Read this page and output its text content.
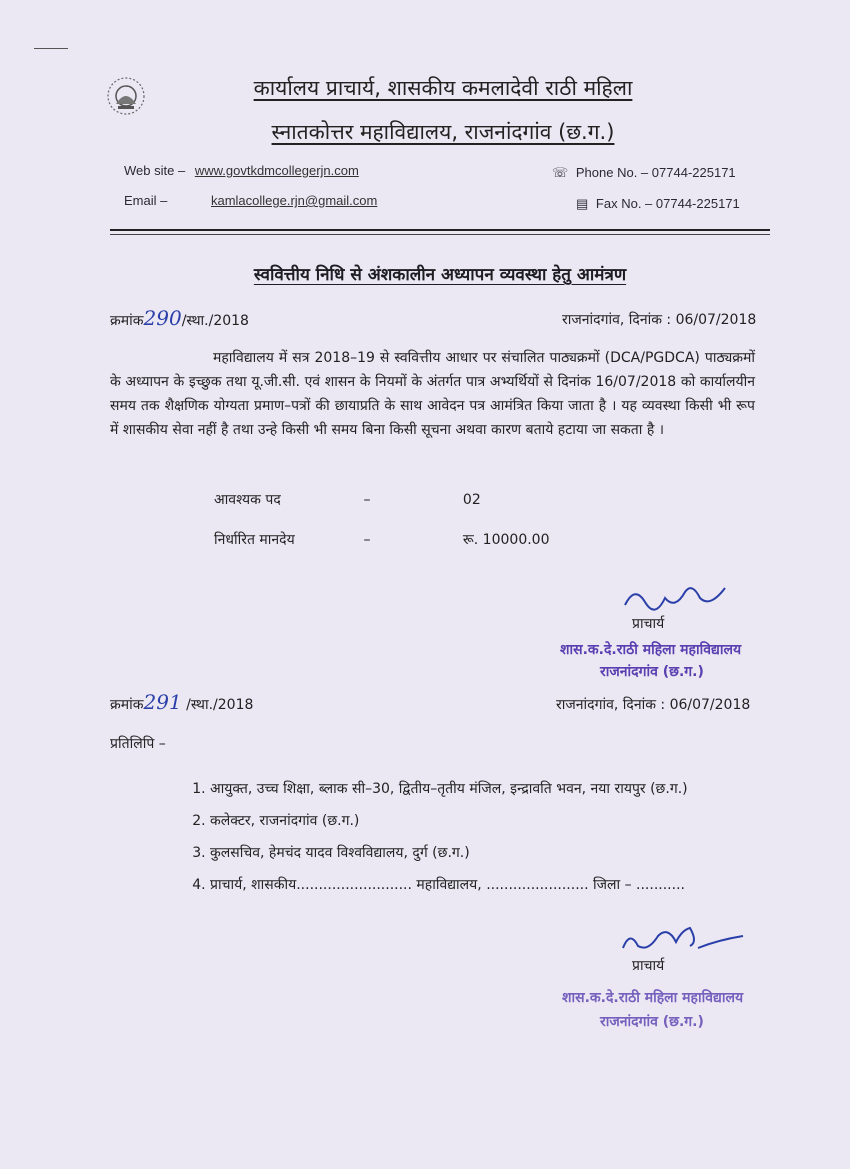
कार्यालय प्राचार्य, शासकीय कमलादेवी राठी महिला
स्नातकोत्तर महाविद्यालय, राजनांदगांव (छ.ग.)
Web site – www.govtkdmcollegerjn.com
Email –	kamlacollege.rjn@gmail.com
☏ Phone No. – 07744-225171
▤ Fax No. – 07744-225171
स्ववित्तीय निधि से अंशकालीन अध्यापन व्यवस्था हेतु आमंत्रण
क्रमांक290/स्था./2018	राजनांदगांव, दिनांक : 06/07/2018
महाविद्यालय में सत्र 2018–19 से स्ववित्तीय आधार पर संचालित पाठ्यक्रमों (DCA/PGDCA) पाठ्यक्रमों के अध्यापन के इच्छुक तथा यू.जी.सी. एवं शासन के नियमों के अंतर्गत पात्र अभ्यर्थियों से दिनांक 16/07/2018 को कार्यालयीन समय तक शैक्षणिक योग्यता प्रमाण–पत्रों की छायाप्रति के साथ आवेदन पत्र आमंत्रित किया जाता है । यह व्यवस्था किसी भी रूप में शासकीय सेवा नहीं है तथा उन्हे किसी भी समय बिना किसी सूचना अथवा कारण बताये हटाया जा सकता है ।
आवश्यक पद	–	02
निर्धारित मानदेय	–	रू. 10000.00
प्राचार्य
शास.क.दे.राठी महिला महाविद्यालय
राजनांदगांव (छ.ग.)
क्रमांक291 /स्था./2018	राजनांदगांव, दिनांक : 06/07/2018
प्रतिलिपि –
1. आयुक्त, उच्च शिक्षा, ब्लाक सी–30, द्वितीय–तृतीय मंजिल, इन्द्रावति भवन, नया रायपुर (छ.ग.)
2. कलेक्टर, राजनांदगांव (छ.ग.)
3. कुलसचिव, हेमचंद यादव विश्वविद्यालय, दुर्ग (छ.ग.)
4. प्राचार्य, शासकीय.......................... महाविद्यालय, ....................... जिला – ...........
प्राचार्य
शास.क.दे.राठी महिला महाविद्यालय
राजनांदगांव (छ.ग.)
